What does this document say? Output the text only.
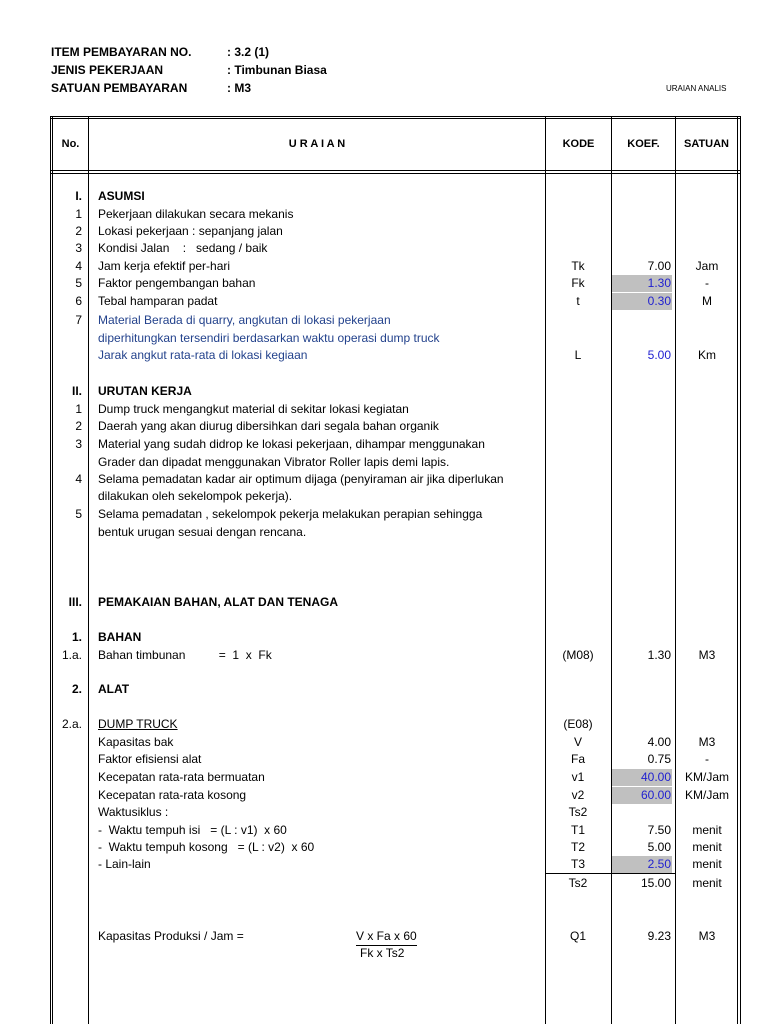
ITEM PEMBAYARAN NO.	: 3.2 (1)
JENIS PEKERJAAN	: Timbunan Biasa
SATUAN PEMBAYARAN	: M3	URAIAN ANALIS
No.	U R A I A N	KODE	KOEF.	SATUAN
I. ASUMSI
1 Pekerjaan dilakukan secara mekanis
2 Lokasi pekerjaan : sepanjang jalan
3 Kondisi Jalan    :   sedang / baik
4 Jam kerja efektif per-hari	Tk	7.00	Jam
5 Faktor pengembangan bahan	Fk	1.30	-
6 Tebal hamparan padat	t	0.30	M
7 Material Berada di quarry, angkutan di lokasi pekerjaan
diperhitungkan tersendiri berdasarkan waktu operasi dump truck
Jarak angkut rata-rata di lokasi kegiaan	L	5.00	Km
II. URUTAN KERJA
1 Dump truck mengangkut material di sekitar lokasi kegiatan
2 Daerah yang akan diurug dibersihkan dari segala bahan organik
3 Material yang sudah didrop ke lokasi pekerjaan, dihampar menggunakan
Grader dan dipadat menggunakan Vibrator Roller lapis demi lapis.
4 Selama pemadatan kadar air optimum dijaga (penyiraman air jika diperlukan
dilakukan oleh sekelompok pekerja).
5 Selama pemadatan , sekelompok pekerja melakukan perapian sehingga
bentuk urugan sesuai dengan rencana.
III. PEMAKAIAN BAHAN, ALAT DAN TENAGA
1. BAHAN
1.a. Bahan timbunan          =  1  x  Fk	(M08)	1.30	M3
2. ALAT
2.a. DUMP TRUCK	(E08)
Kapasitas bak	V	4.00	M3
Faktor efisiensi alat	Fa	0.75	-
Kecepatan rata-rata bermuatan	v1	40.00	KM/Jam
Kecepatan rata-rata kosong	v2	60.00	KM/Jam
Waktusiklus :	Ts2
-  Waktu tempuh isi   = (L : v1)  x 60	T1	7.50	menit
-  Waktu tempuh kosong   = (L : v2)  x 60	T2	5.00	menit
- Lain-lain	T3	2.50	menit
Ts2	15.00	menit
Kapasitas Produksi / Jam =	V x Fa x 60
Fk x Ts2
Q1	9.23	M3
